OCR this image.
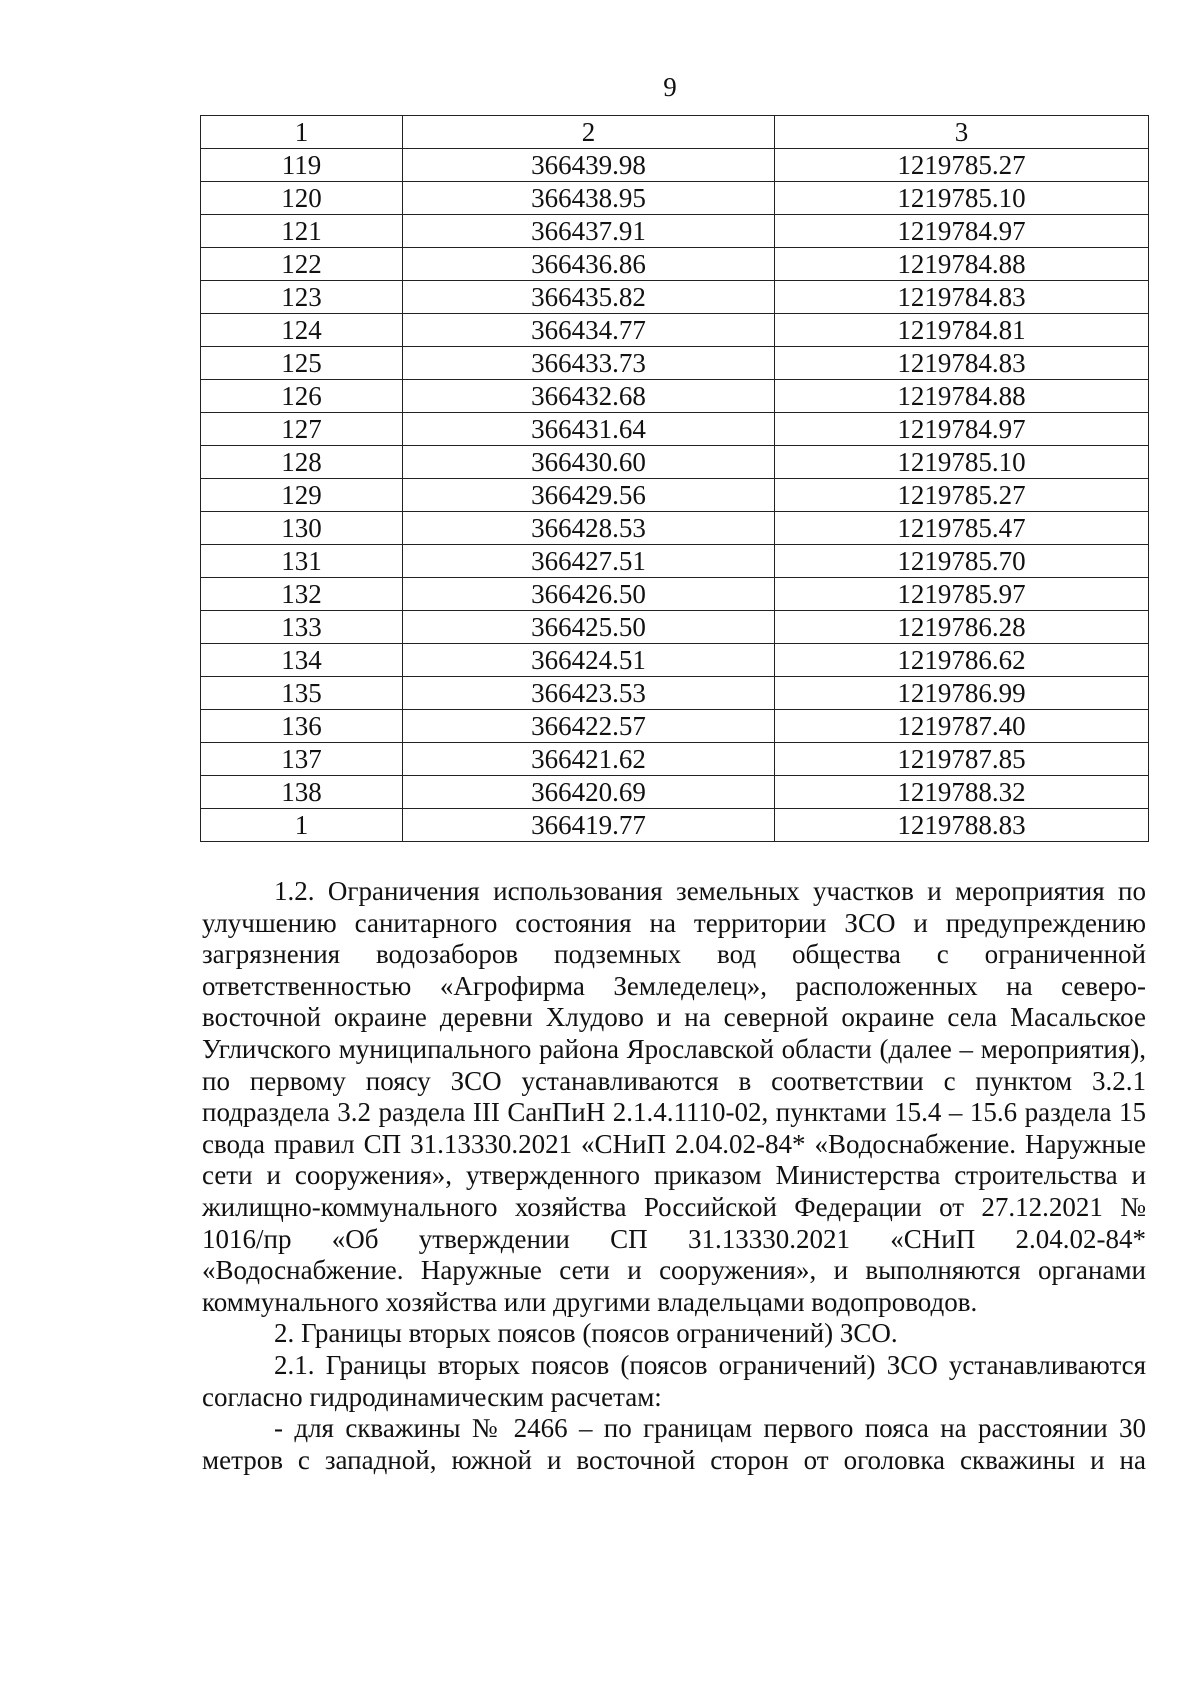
9
1	2	3
119	366439.98	1219785.27
120	366438.95	1219785.10
121	366437.91	1219784.97
122	366436.86	1219784.88
123	366435.82	1219784.83
124	366434.77	1219784.81
125	366433.73	1219784.83
126	366432.68	1219784.88
127	366431.64	1219784.97
128	366430.60	1219785.10
129	366429.56	1219785.27
130	366428.53	1219785.47
131	366427.51	1219785.70
132	366426.50	1219785.97
133	366425.50	1219786.28
134	366424.51	1219786.62
135	366423.53	1219786.99
136	366422.57	1219787.40
137	366421.62	1219787.85
138	366420.69	1219788.32
1	366419.77	1219788.83

1.2. Ограничения использования земельных участков и мероприятия по улучшению санитарного состояния на территории ЗСО и предупреждению загрязнения водозаборов подземных вод общества с ограниченной ответственностью «Агрофирма Земледелец», расположенных на северо-восточной окраине деревни Хлудово и на северной окраине села Масальское Угличского муниципального района Ярославской области (далее – мероприятия), по первому поясу ЗСО устанавливаются в соответствии с пунктом 3.2.1 подраздела 3.2 раздела III СанПиН 2.1.4.1110-02, пунктами 15.4 – 15.6 раздела 15 свода правил СП 31.13330.2021 «СНиП 2.04.02-84* «Водоснабжение. Наружные сети и сооружения», утвержденного приказом Министерства строительства и жилищно-коммунального хозяйства Российской Федерации от 27.12.2021 № 1016/пр «Об утверждении СП 31.13330.2021 «СНиП 2.04.02-84* «Водоснабжение. Наружные сети и сооружения», и выполняются органами коммунального хозяйства или другими владельцами водопроводов.

2. Границы вторых поясов (поясов ограничений) ЗСО.

2.1. Границы вторых поясов (поясов ограничений) ЗСО устанавливаются согласно гидродинамическим расчетам:

- для скважины № 2466 – по границам первого пояса на расстоянии 30 метров с западной, южной и восточной сторон от оголовка скважины и на
